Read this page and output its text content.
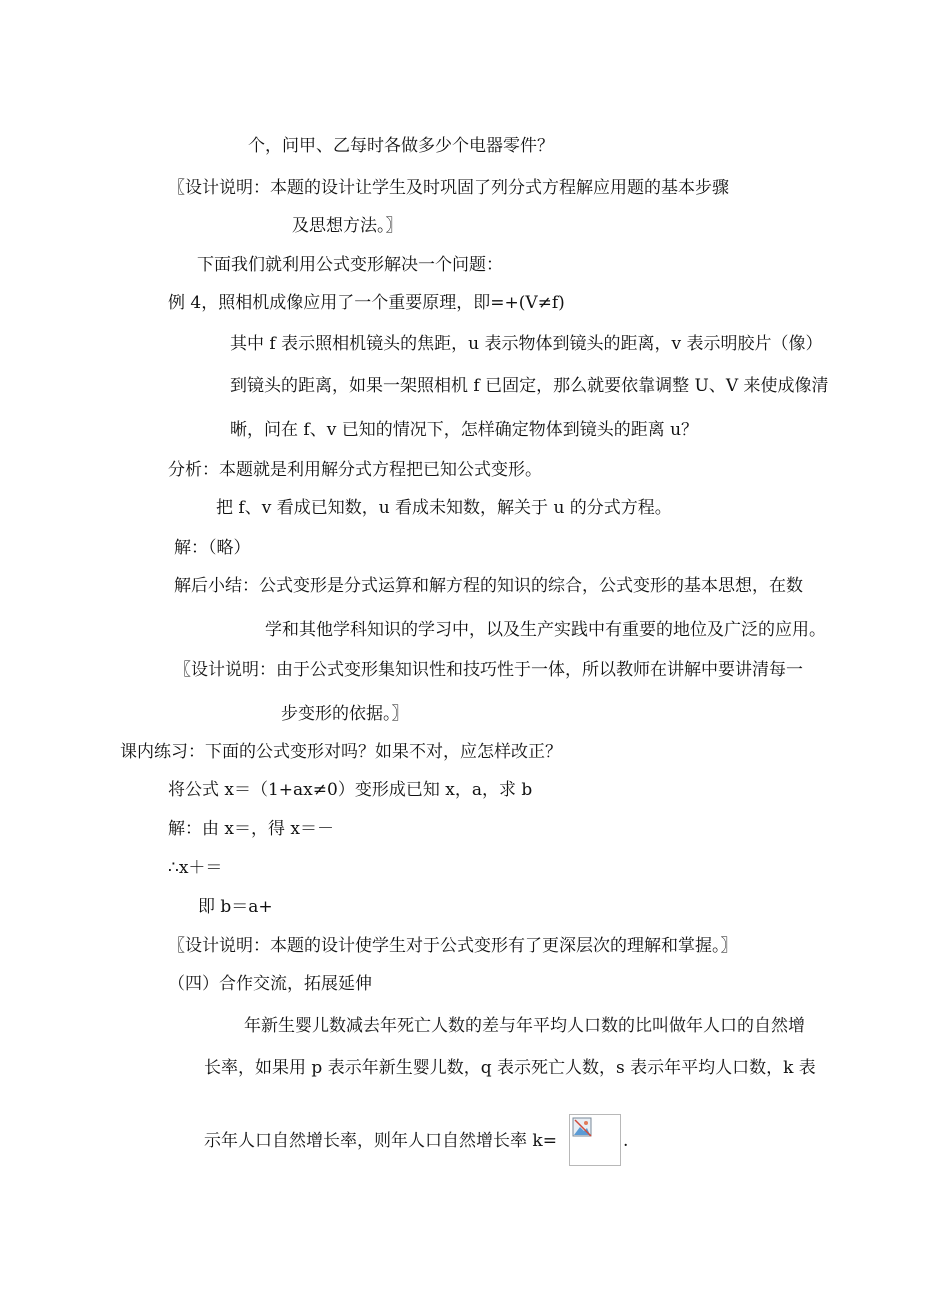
个，问甲、乙每时各做多少个电器零件？
〖设计说明：本题的设计让学生及时巩固了列分式方程解应用题的基本步骤
及思想方法。〗
下面我们就利用公式变形解决一个问题：
例 4，照相机成像应用了一个重要原理，即=+(V≠f)
其中 f 表示照相机镜头的焦距，u 表示物体到镜头的距离，v 表示明胶片（像）
到镜头的距离，如果一架照相机 f 已固定，那么就要依靠调整 U、V 来使成像清
晰，问在 f、v 已知的情况下，怎样确定物体到镜头的距离 u？
分析：本题就是利用解分式方程把已知公式变形。
把 f、v 看成已知数，u 看成未知数，解关于 u 的分式方程。
解：（略）
解后小结：公式变形是分式运算和解方程的知识的综合，公式变形的基本思想，在数
学和其他学科知识的学习中，以及生产实践中有重要的地位及广泛的应用。
〖设计说明：由于公式变形集知识性和技巧性于一体，所以教师在讲解中要讲清每一
步变形的依据。〗
课内练习：下面的公式变形对吗？如果不对，应怎样改正？
将公式 x＝（1+ax≠0）变形成已知 x，a，求 b
解：由 x＝，得 x＝－
∴x＋＝
即 b＝a+
〖设计说明：本题的设计使学生对于公式变形有了更深层次的理解和掌握。〗
（四）合作交流，拓展延伸
年新生婴儿数减去年死亡人数的差与年平均人口数的比叫做年人口的自然增
长率，如果用 p 表示年新生婴儿数，q 表示死亡人数，s 表示年平均人口数，k 表
示年人口自然增长率，则年人口自然增长率 k=	.
